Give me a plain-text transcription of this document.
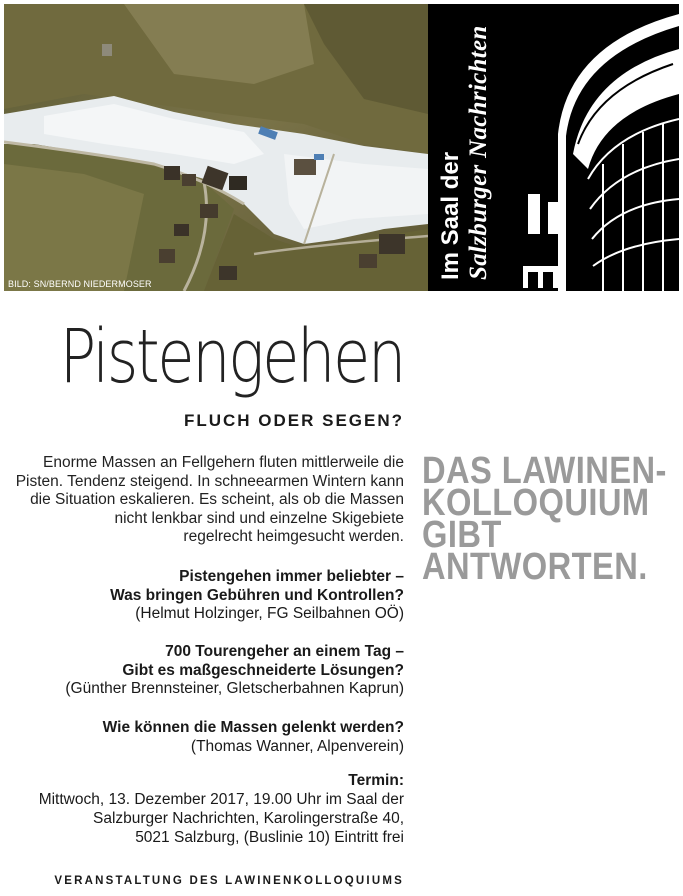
BILD: SN/BERND NIEDERMOSER
Im Saal der Salzburger Nachrichten
Pistengehen
FLUCH ODER SEGEN?
Enorme Massen an Fellgehern fluten mittlerweile die
Pisten. Tendenz steigend. In schneearmen Wintern kann
die Situation eskalieren. Es scheint, als ob die Massen
nicht lenkbar sind und einzelne Skigebiete
regelrecht heimgesucht werden.
Pistengehen immer beliebter –
Was bringen Gebühren und Kontrollen?
(Helmut Holzinger, FG Seilbahnen OÖ)
700 Tourengeher an einem Tag –
Gibt es maßgeschneiderte Lösungen?
(Günther Brennsteiner, Gletscherbahnen Kaprun)
Wie können die Massen gelenkt werden?
(Thomas Wanner, Alpenverein)
Termin:
Mittwoch, 13. Dezember 2017, 19.00 Uhr im Saal der
Salzburger Nachrichten, Karolingerstraße 40,
5021 Salzburg, (Buslinie 10) Eintritt frei
VERANSTALTUNG DES LAWINENKOLLOQUIUMS
DAS LAWINEN-
KOLLOQUIUM
GIBT
ANTWORTEN.
